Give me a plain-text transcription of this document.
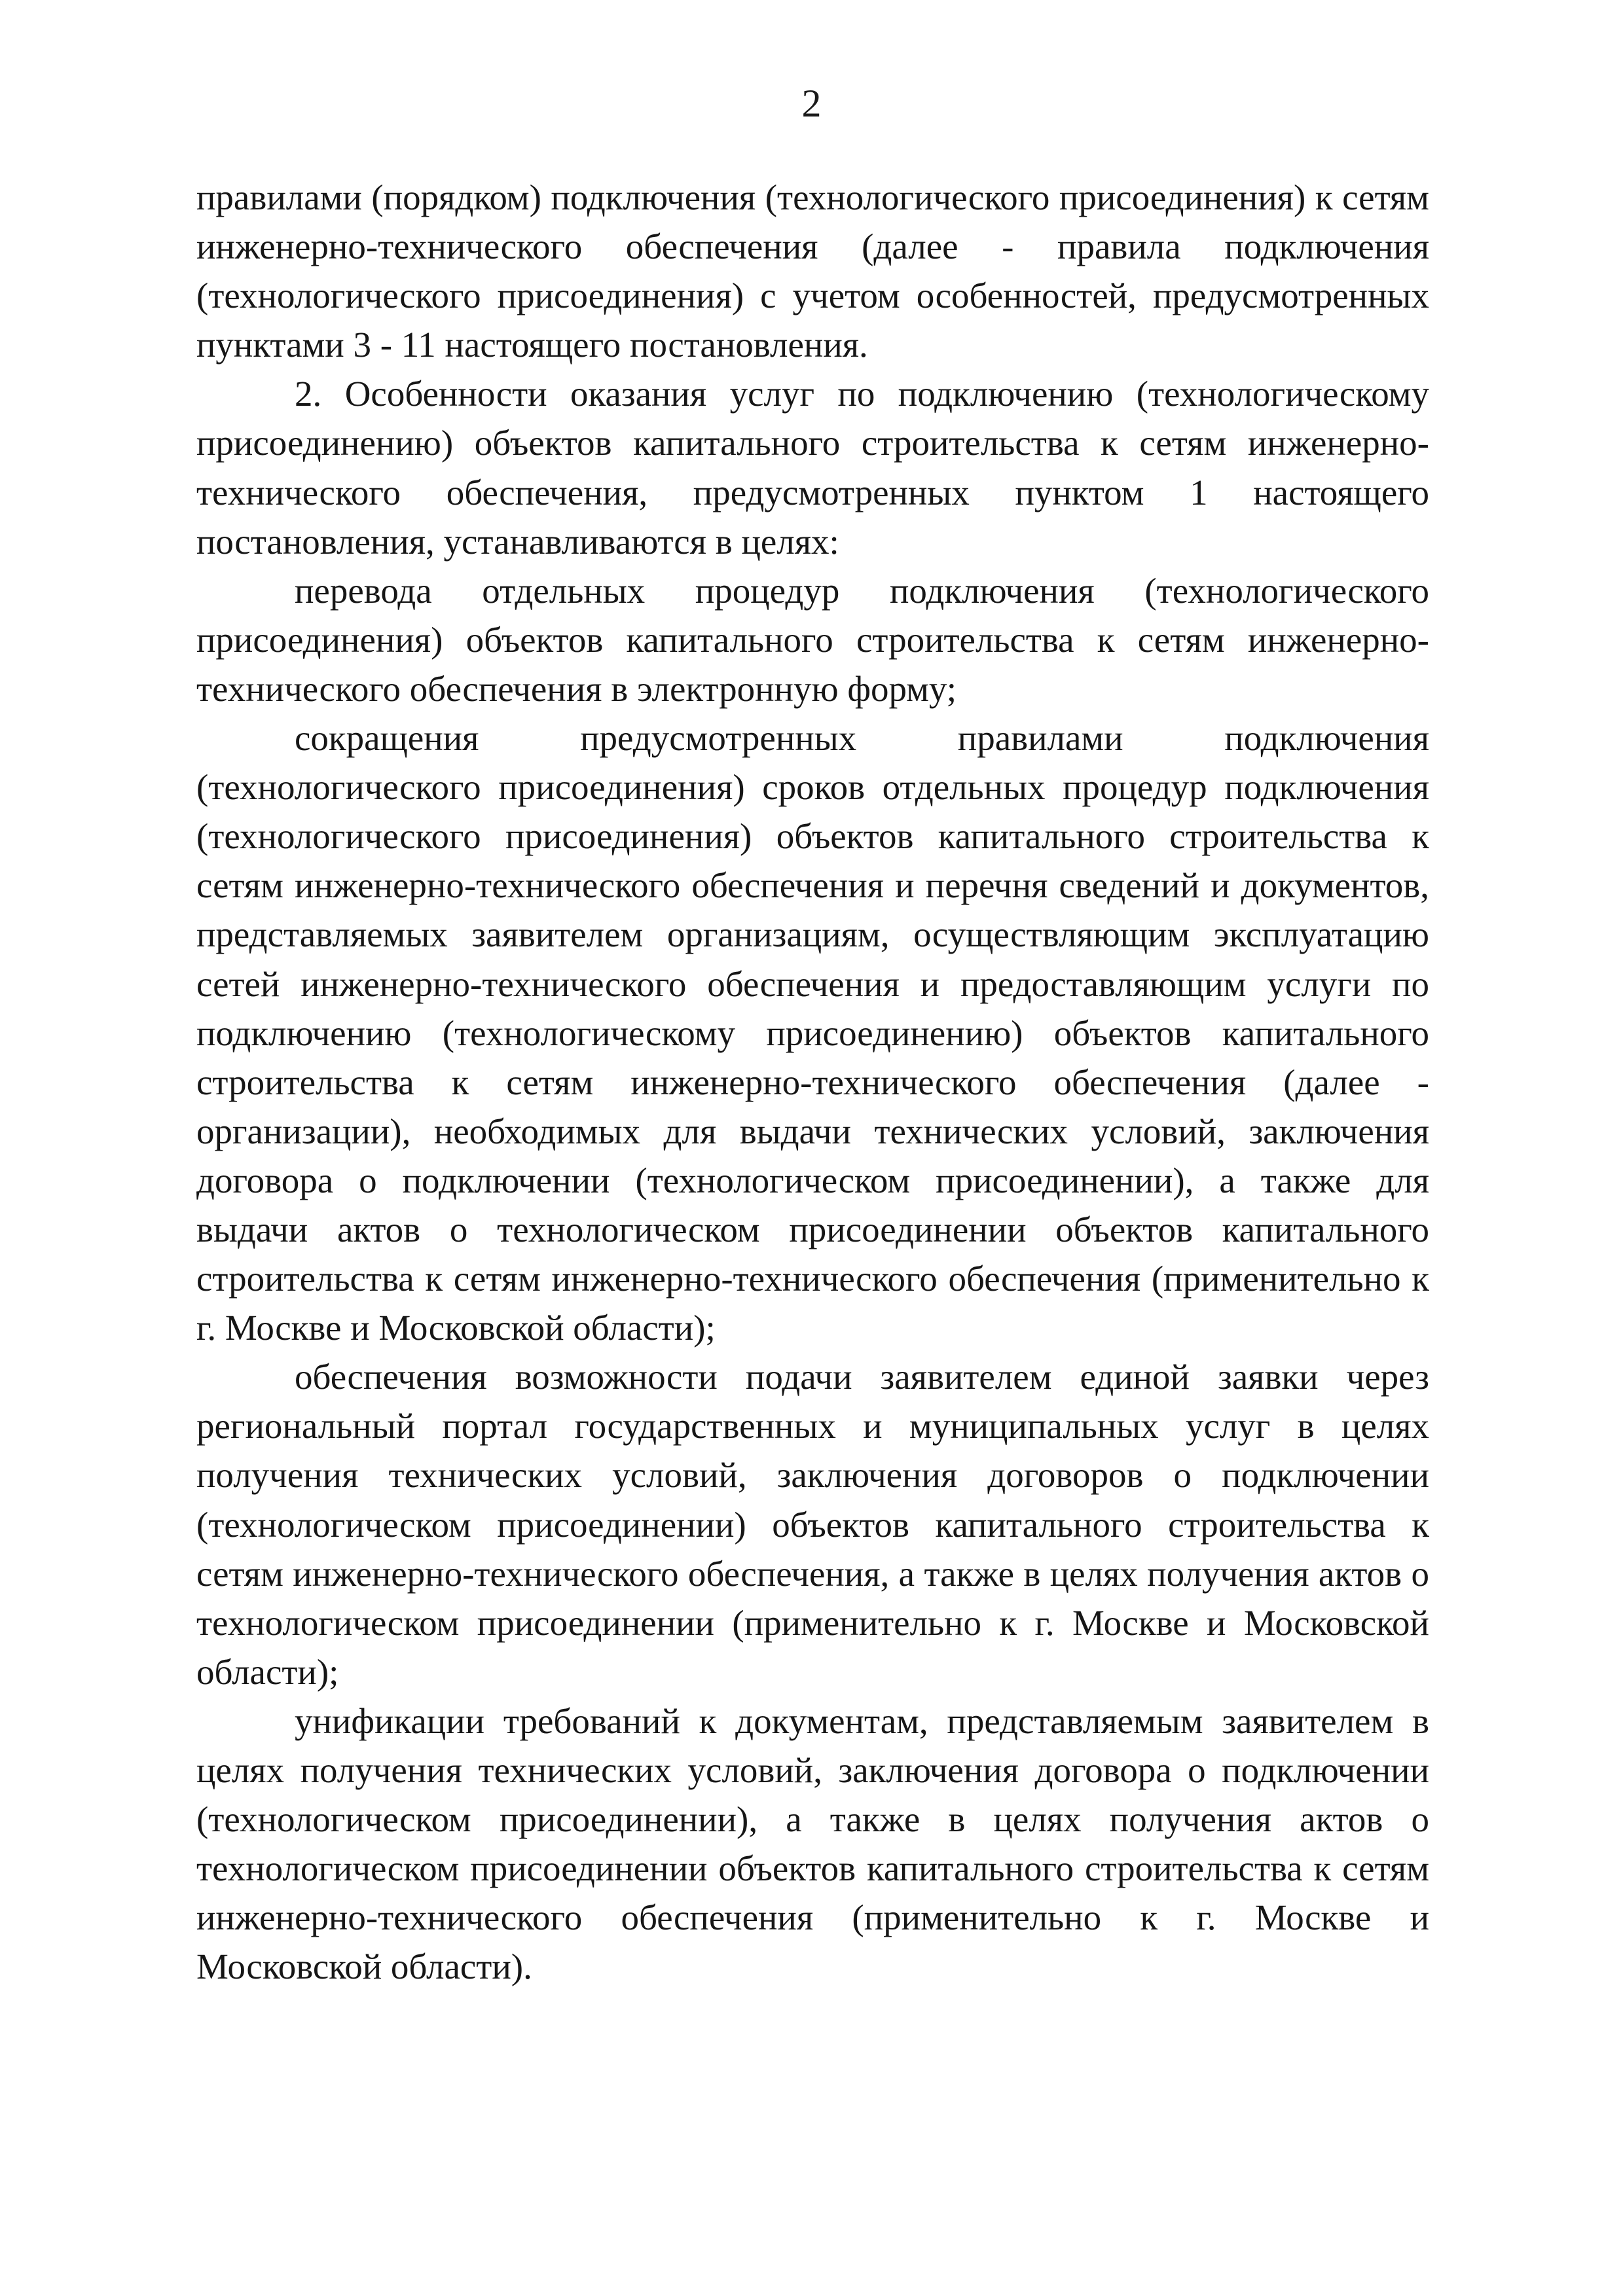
2

правилами (порядком) подключения (технологического присоединения) к сетям инженерно-технического обеспечения (далее - правила подключения (технологического присоединения) с учетом особенностей, предусмотренных пунктами 3 - 11 настоящего постановления.

2. Особенности оказания услуг по подключению (технологическому присоединению) объектов капитального строительства к сетям инженерно-технического обеспечения, предусмотренных пунктом 1 настоящего постановления, устанавливаются в целях:

перевода отдельных процедур подключения (технологического присоединения) объектов капитального строительства к сетям инженерно-технического обеспечения в электронную форму;

сокращения предусмотренных правилами подключения (технологического присоединения) сроков отдельных процедур подключения (технологического присоединения) объектов капитального строительства к сетям инженерно-технического обеспечения и перечня сведений и документов, представляемых заявителем организациям, осуществляющим эксплуатацию сетей инженерно-технического обеспечения и предоставляющим услуги по подключению (технологическому присоединению) объектов капитального строительства к сетям инженерно-технического обеспечения (далее - организации), необходимых для выдачи технических условий, заключения договора о подключении (технологическом присоединении), а также для выдачи актов о технологическом присоединении объектов капитального строительства к сетям инженерно-технического обеспечения (применительно к г. Москве и Московской области);

обеспечения возможности подачи заявителем единой заявки через региональный портал государственных и муниципальных услуг в целях получения технических условий, заключения договоров о подключении (технологическом присоединении) объектов капитального строительства к сетям инженерно-технического обеспечения, а также в целях получения актов о технологическом присоединении (применительно к г. Москве и Московской области);

унификации требований к документам, представляемым заявителем в целях получения технических условий, заключения договора о подключении (технологическом присоединении), а также в целях получения актов о технологическом присоединении объектов капитального строительства к сетям инженерно-технического обеспечения (применительно к г. Москве и Московской области).
